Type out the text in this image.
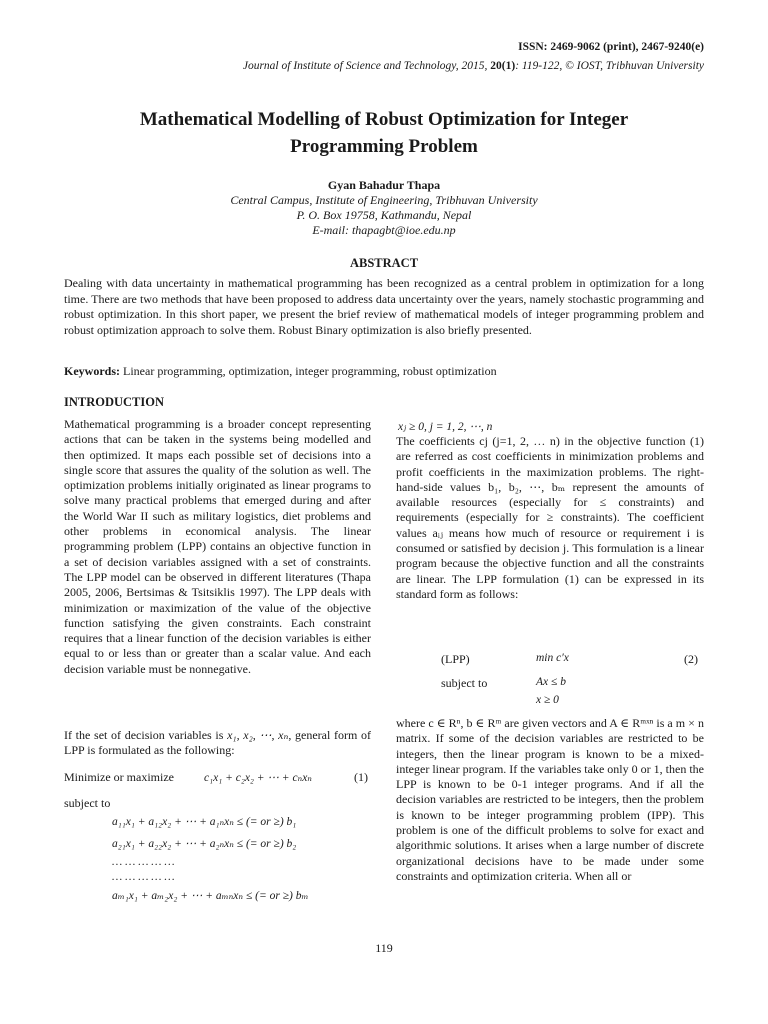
ISSN: 2469-9062 (print), 2467-9240(e)
Journal of Institute of Science and Technology, 2015, 20(1): 119-122, © IOST, Tribhuvan University
Mathematical Modelling of Robust Optimization for Integer
Programming Problem
Gyan Bahadur Thapa
Central Campus, Institute of Engineering, Tribhuvan University
P. O. Box 19758, Kathmandu, Nepal
E-mail: thapagbt@ioe.edu.np
ABSTRACT
Dealing with data uncertainty in mathematical programming has been recognized as a central problem in optimization for a long time. There are two methods that have been proposed to address data uncertainty over the years, namely stochastic programming and robust optimization. In this short paper, we present the brief review of mathematical models of integer programming problem and robust optimization approach to solve them. Robust Binary optimization is also briefly presented.
Keywords: Linear programming, optimization, integer programming, robust optimization
INTRODUCTION
Mathematical programming is a broader concept representing actions that can be taken in the systems being modelled and then optimized. It maps each possible set of decisions into a single score that assures the quality of the solution as well. The optimization problems initially originated as linear programs to solve many practical problems that emerged during and after the World War II such as military logistics, diet problems and other problems in economical analysis. The linear programming problem (LPP) contains an objective function in a set of decision variables assigned with a set of constraints. The LPP model can be observed in different literatures (Thapa 2005, 2006, Bertsimas & Tsitsiklis 1997). The LPP deals with minimization or maximization of the value of the objective function satisfying the given constraints. Each constraint requires that a linear function of the decision variables is either equal to or less than or greater than a scalar value. And each decision variable must be nonnegative.
If the set of decision variables is x₁, x₂, ⋯, xₙ, general form of LPP is formulated as the following:
Minimize or maximize	c₁x₁ + c₂x₂ + ⋯ + cₙxₙ	(1)
subject to
a₁₁x₁ + a₁₂x₂ + ⋯ + a₁ₙxₙ ≤ (= or ≥) b₁
a₂₁x₁ + a₂₂x₂ + ⋯ + a₂ₙxₙ ≤ (= or ≥) b₂
… … … … …
… … … … …
aₘ₁x₁ + aₘ₂x₂ + ⋯ + aₘₙxₙ ≤ (= or ≥) bₘ
xⱼ ≥ 0, j = 1, 2, ⋯, n
The coefficients cj (j=1, 2, … n) in the objective function (1) are referred as cost coefficients in minimization problems and profit coefficients in the maximization problems. The right-hand-side values b₁, b₂, ⋯, bₘ represent the amounts of available resources (especially for ≤ constraints) and requirements (especially for ≥ constraints). The coefficient values aᵢⱼ means how much of resource or requirement i is consumed or satisfied by decision j. This formulation is a linear program because the objective function and all the constraints are linear. The LPP formulation (1) can be expressed in its standard form as follows:
(LPP)	min c′x	(2)
subject to	Ax ≤ b
x ≥ 0
where c ∈ Rⁿ, b ∈ Rᵐ are given vectors and A ∈ Rᵐˣⁿ is a m × n matrix. If some of the decision variables are restricted to be integers, then the linear program is known to be a mixed-integer linear program. If the variables take only 0 or 1, then the LPP is known to be 0-1 integer programs. And if all the decision variables are restricted to be integers, then the problem is known to be integer programming problem (IPP). This problem is one of the difficult problems to solve for exact and algorithmic solutions. It arises when a large number of discrete organizational decisions have to be made under some constraints and optimization criteria. When all or
119
